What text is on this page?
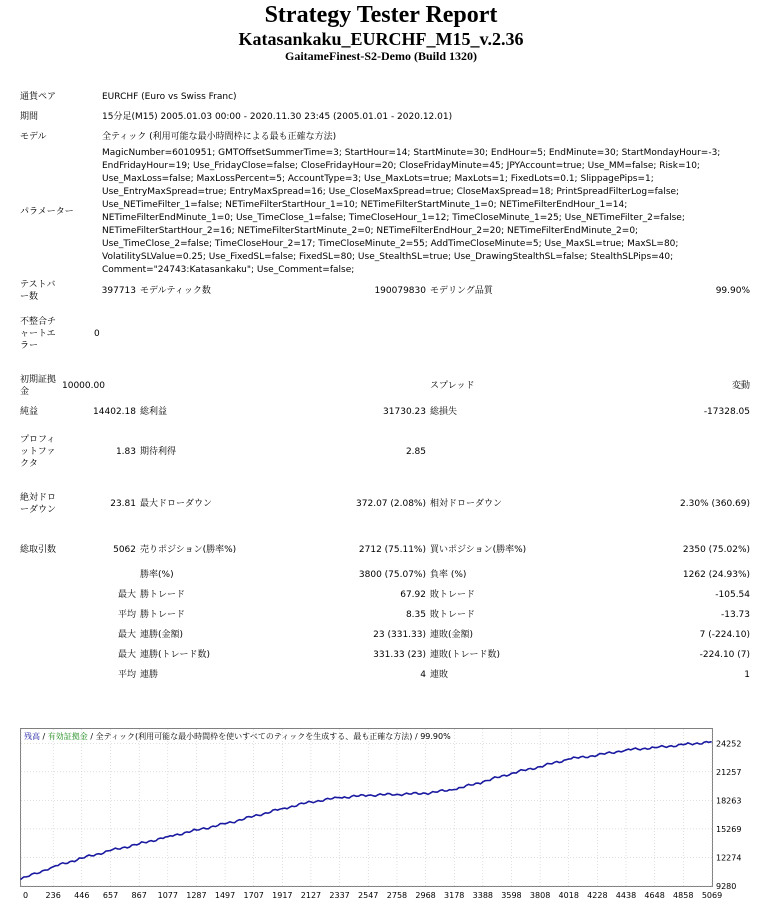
Strategy Tester Report
Katasankaku_EURCHF_M15_v.2.36
GaitameFinest-S2-Demo (Build 1320)
通貨ペア		EURCHF (Euro vs Swiss Franc)				
期間		15分足(M15) 2005.01.03 00:00 - 2020.11.30 23:45 (2005.01.01 - 2020.12.01)				
モデル		全ティック (利用可能な最小時間枠による最も正確な方法)				
パラメーター		MagicNumber=6010951; GMTOffsetSummerTime=3; StartHour=14; StartMinute=30; EndHour=5; EndMinute=30; StartMondayHour=-3; EndFridayHour=19; Use_FridayClose=false; CloseFridayHour=20; CloseFridayMinute=45; JPYAccount=true; Use_MM=false; Risk=10; Use_MaxLoss=false; MaxLossPercent=5; AccountType=3; Use_MaxLots=true; MaxLots=1; FixedLots=0.1; SlippagePips=1; Use_EntryMaxSpread=true; EntryMaxSpread=16; Use_CloseMaxSpread=true; CloseMaxSpread=18; PrintSpreadFilterLog=false; Use_NETimeFilter_1=false; NETimeFilterStartHour_1=10; NETimeFilterStartMinute_1=0; NETimeFilterEndHour_1=14; NETimeFilterEndMinute_1=0; Use_TimeClose_1=false; TimeCloseHour_1=12; TimeCloseMinute_1=25; Use_NETimeFilter_2=false; NETimeFilterStartHour_2=16; NETimeFilterStartMinute_2=0; NETimeFilterEndHour_2=20; NETimeFilterEndMinute_2=0; Use_TimeClose_2=false; TimeCloseHour_2=17; TimeCloseMinute_2=55; AddTimeCloseMinute=5; Use_MaxSL=true; MaxSL=80; VolatilitySLValue=0.25; Use_FixedSL=false; FixedSL=80; Use_StealthSL=true; Use_DrawingStealthSL=false; StealthSLPips=40; Comment="24743:Katasankaku"; Use_Comment=false;				
テストバー数	397713		モデルティック数	190079830	モデリング品質	99.90%
不整合チャートエラー	0					

初期証拠金	10000.00				スプレッド	変動
純益	14402.18		総利益	31730.23	総損失	-17328.05
プロフィットファクタ	1.83		期待利得	2.85		
絶対ドローダウン	23.81		最大ドローダウン	372.07 (2.08%)	相対ドローダウン	2.30% (360.69)

総取引数	5062		売りポジション(勝率%)	2712 (75.11%)	買いポジション(勝率%)	2350 (75.02%)
			勝率(%)	3800 (75.07%)	負率 (%)	1262 (24.93%)
		最大	勝トレード	67.92	敗トレード	-105.54
		平均	勝トレード	8.35	敗トレード	-13.73
		最大	連勝(金額)	23 (331.33)	連敗(金額)	7 (-224.10)
		最大	連勝(トレード数)	331.33 (23)	連敗(トレード数)	-224.10 (7)
		平均	連勝	4	連敗	1
残高 / 有効証拠金 / 全ティック(利用可能な最小時間枠を使いすべてのティックを生成する、最も正確な方法) / 99.90%
0 236 446 657 867 1077 1287 1497 1707 1917 2127 2337 2547 2758 2968 3178 3388 3598 3808 4018 4228 4438 4648 4858 5069
9280
12274
15269
18263
21257
24252
